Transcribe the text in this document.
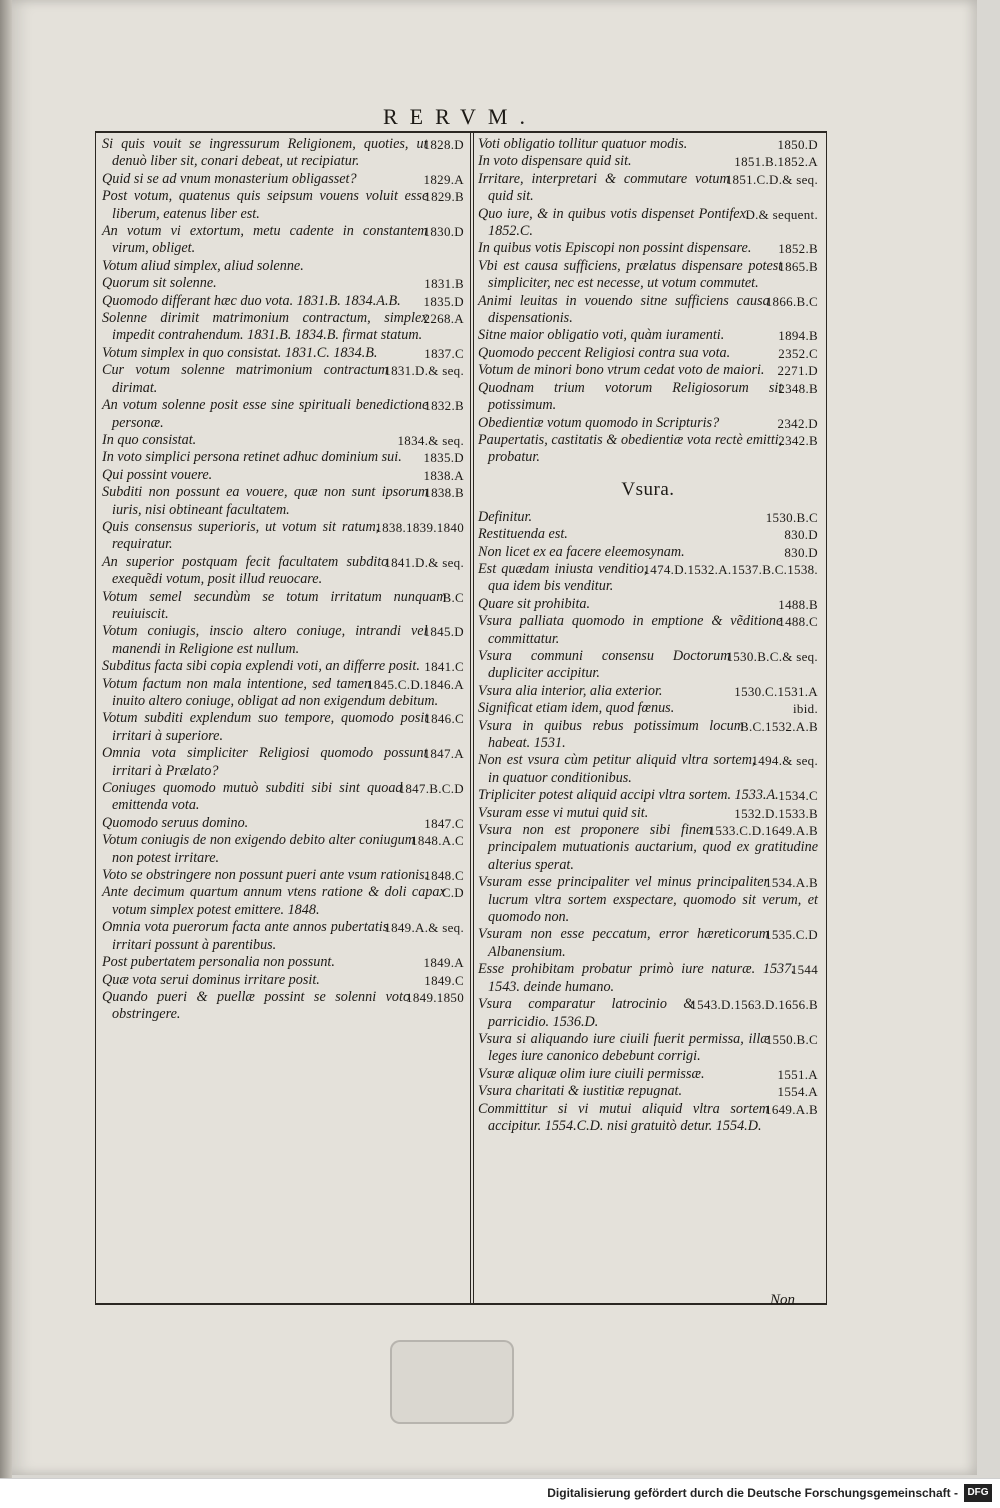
RERVM.

1828.D
Si quis vouit se ingressurum Religionem, quoties, ut denuò liber sit, conari debeat, ut recipiatur.

1829.A
Quid si se ad vnum monasterium obligasset?

1829.B
Post votum, quatenus quis seipsum vouens voluit esse liberum, eatenus liber est.

1830.D
An votum vi extortum, metu cadente in constantem virum, obliget.

Votum aliud simplex, aliud solenne.

1831.B
Quorum sit solenne.

1835.D
Quomodo differant hæc duo vota. 1831.B. 1834.A.B.

2268.A
Solenne dirimit matrimonium contractum, simplex impedit contrahendum. 1831.B. 1834.B. firmat statum.

1837.C
Votum simplex in quo consistat. 1831.C. 1834.B.

1831.D.& seq.
Cur votum solenne matrimonium contractum dirimat.

1832.B
An votum solenne posit esse sine spirituali benedictione personæ.

1834.& seq.
In quo consistat.

1835.D
In voto simplici persona retinet adhuc dominium sui.

1838.A
Qui possint vouere.

1838.B
Subditi non possunt ea vouere, quæ non sunt ipsorum iuris, nisi obtineant facultatem.

1838.1839.1840
Quis consensus superioris, ut votum sit ratum, requiratur.

1841.D.& seq.
An superior postquam fecit facultatem subdito exequẽdi votum, posit illud reuocare.

B.C
Votum semel secundùm se totum irritatum nunquam reuiuiscit.

1845.D
Votum coniugis, inscio altero coniuge, intrandi vel manendi in Religione est nullum.

1841.C
Subditus facta sibi copia explendi voti, an differre posit.

1845.C.D.1846.A
Votum factum non mala intentione, sed tamen inuito altero coniuge, obligat ad non exigendum debitum.

1846.C
Votum subditi explendum suo tempore, quomodo posit irritari à superiore.

1847.A
Omnia vota simpliciter Religiosi quomodo possunt irritari à Prælato?

1847.B.C.D
Coniuges quomodo mutuò subditi sibi sint quoad emittenda vota.

1847.C
Quomodo seruus domino.

1848.A.C
Votum coniugis de non exigendo debito alter coniugum non potest irritare.

1848.C
Voto se obstringere non possunt pueri ante vsum rationis.

C.D
Ante decimum quartum annum vtens ratione & doli capax votum simplex potest emittere. 1848.

1849.A.& seq.
Omnia vota puerorum facta ante annos pubertatis irritari possunt à parentibus.

1849.A
Post pubertatem personalia non possunt.

1849.C
Quæ vota serui dominus irritare posit.

1849.1850
Quando pueri & puellæ possint se solenni voto obstringere.

1850.D
Voti obligatio tollitur quatuor modis.

1851.B.1852.A
In voto dispensare quid sit.

1851.C.D.& seq.
Irritare, interpretari & commutare votum quid sit.

D.& sequent.
Quo iure, & in quibus votis dispenset Pontifex. 1852.C.

1852.B
In quibus votis Episcopi non possint dispensare.

1865.B
Vbi est causa sufficiens, prælatus dispensare potest simpliciter, nec est necesse, ut votum commutet.

1866.B.C
Animi leuitas in vouendo sitne sufficiens causa dispensationis.

1894.B
Sitne maior obligatio voti, quàm iuramenti.

2352.C
Quomodo peccent Religiosi contra sua vota.

2271.D
Votum de minori bono vtrum cedat voto de maiori.

2348.B
Quodnam trium votorum Religiosorum sit potissimum.

2342.D
Obedientiæ votum quomodo in Scripturis?

2342.B
Paupertatis, castitatis & obedientiæ vota rectè emitti, probatur.

Vsura.

1530.B.C
Definitur.

830.D
Restituenda est.

830.D
Non licet ex ea facere eleemosynam.

1474.D.1532.A.1537.B.C.1538.
Est quædam iniusta venditio, qua idem bis venditur.

1488.B
Quare sit prohibita.

1488.C
Vsura palliata quomodo in emptione & vẽditione committatur.

1530.B.C.& seq.
Vsura communi consensu Doctorum dupliciter accipitur.

1530.C.1531.A
Vsura alia interior, alia exterior.

ibid.
Significat etiam idem, quod fœnus.

B.C.1532.A.B
Vsura in quibus rebus potissimum locum habeat. 1531.

1494.& seq.
Non est vsura cùm petitur aliquid vltra sortem, in quatuor conditionibus.

1534.C
Tripliciter potest aliquid accipi vltra sortem. 1533.A.

1532.D.1533.B
Vsuram esse vi mutui quid sit.

1533.C.D.1649.A.B
Vsura non est proponere sibi finem principalem mutuationis auctarium, quod ex gratitudine alterius sperat.

1534.A.B
Vsuram esse principaliter vel minus principaliter lucrum vltra sortem exspectare, quomodo sit verum, et quomodo non.

1535.C.D
Vsuram non esse peccatum, error hæreticorum Albanensium.

1544
Esse prohibitam probatur primò iure naturæ. 1537. 1543. deinde humano.

1543.D.1563.D.1656.B
Vsura comparatur latrocinio & parricidio. 1536.D.

1550.B.C
Vsura si aliquando iure ciuili fuerit permissa, illæ leges iure canonico debebunt corrigi.

1551.A
Vsuræ aliquæ olim iure ciuili permissæ.

1554.A
Vsura charitati & iustitiæ repugnat.

1649.A.B
Committitur si vi mutui aliquid vltra sortem accipitur. 1554.C.D. nisi gratuitò detur. 1554.D.

Non
Digitalisierung gefördert durch die Deutsche Forschungsgemeinschaft - DFG
